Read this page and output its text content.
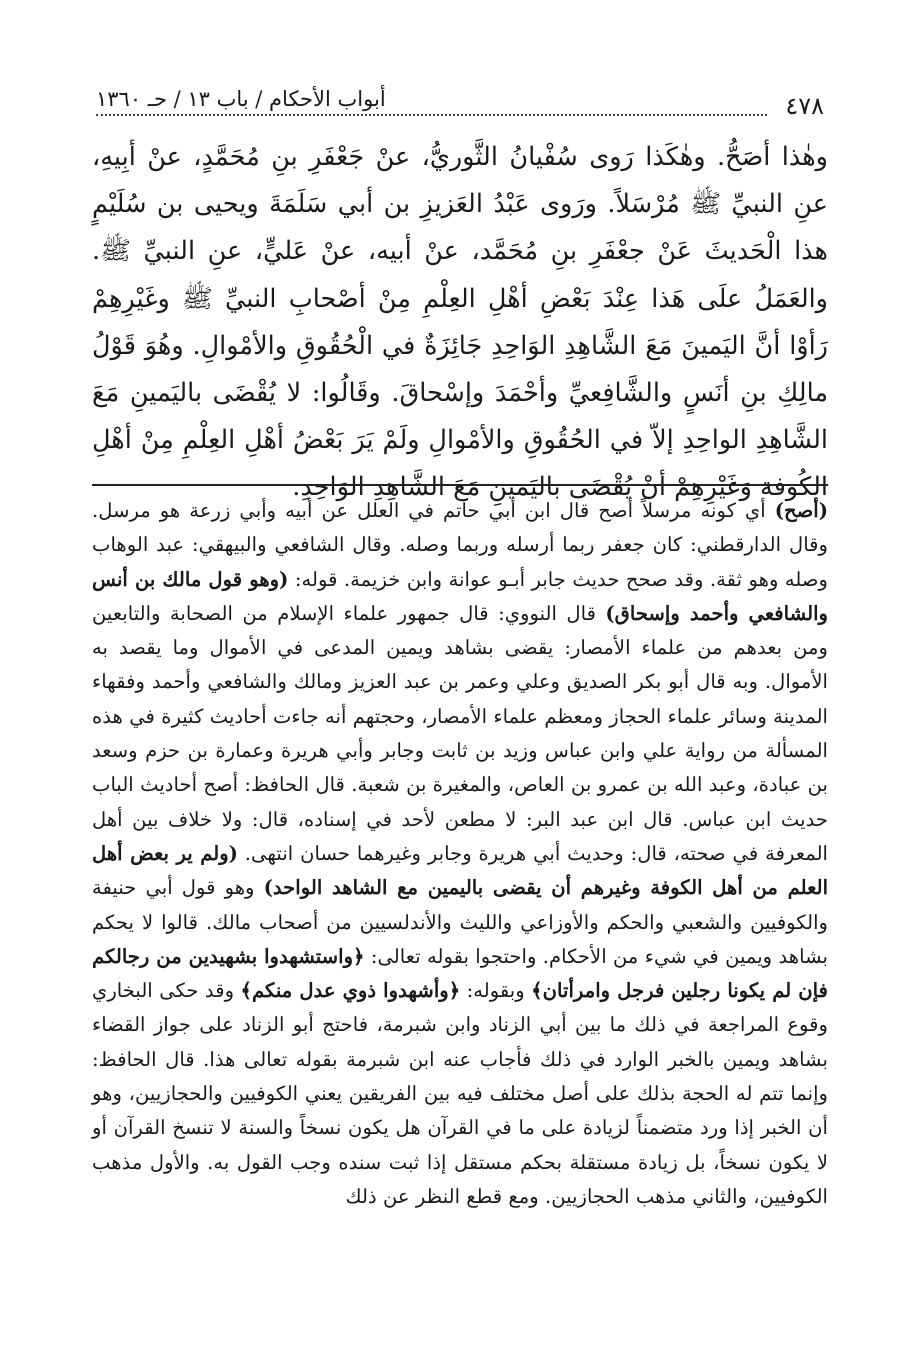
٤٧٨
أبواب الأحكام / باب ١٣ / حـ ١٣٦٠

وهٰذا أصَحُّ. وهٰكَذا رَوى سُفْيانُ الثَّوريُّ، عنْ جَعْفَرِ بنِ مُحَمَّدٍ، عنْ أبِيهِ، عنِ النبيِّ ﷺ مُرْسَلاً. ورَوى عَبْدُ العَزيزِ بن أبي سَلَمَةَ ويحيى بن سُلَيْمٍ هذا الْحَديثَ عَنْ جعْفَرِ بنِ مُحَمَّد، عنْ أبيه، عنْ عَليٍّ، عنِ النبيِّ ﷺ. والعَمَلُ علَى هَذا عِنْدَ بَعْضِ أهْلِ العِلْمِ مِنْ أصْحابِ النبيِّ ﷺ وغَيْرِهِمْ رَأوْا أنَّ اليَمينَ مَعَ الشَّاهِدِ الوَاحِدِ جَائِزَةٌ في الْحُقُوقِ والأمْوالِ. وهُوَ قَوْلُ مالِكِ بنِ أنَسٍ والشَّافِعيِّ وأحْمَدَ وإسْحاقَ. وقَالُوا: لا يُقْضَى باليَمينِ مَعَ الشَّاهِدِ الواحِدِ إلاّ في الحُقُوقِ والأمْوالِ ولَمْ يَرَ بَعْضُ أهْلِ العِلْمِ مِنْ أهْلِ الكُوفة وَغَيْرِهِمْ أنْ يُقْضَى باليَمينِ مَعَ الشَّاهِدِ الوَاحِدِ.

(أصح) أي كونه مرسلاً أصح قال ابن أبي حاتم في العلل عن أبيه وأبي زرعة هو مرسل. وقال الدارقطني: كان جعفر ربما أرسله وربما وصله. وقال الشافعي والبيهقي: عبد الوهاب وصله وهو ثقة. وقد صحح حديث جابر أبـو عوانة وابن خزيمة. قوله: (وهو قول مالك بن أنس والشافعي وأحمد وإسحاق) قال النووي: قال جمهور علماء الإسلام من الصحابة والتابعين ومن بعدهم من علماء الأمصار: يقضى بشاهد ويمين المدعى في الأموال وما يقصد به الأموال. وبه قال أبو بكر الصديق وعلي وعمر بن عبد العزيز ومالك والشافعي وأحمد وفقهاء المدينة وسائر علماء الحجاز ومعظم علماء الأمصار، وحجتهم أنه جاءت أحاديث كثيرة في هذه المسألة من رواية علي وابن عباس وزيد بن ثابت وجابر وأبي هريرة وعمارة بن حزم وسعد بن عبادة، وعبد الله بن عمرو بن العاص، والمغيرة بن شعبة. قال الحافظ: أصح أحاديث الباب حديث ابن عباس. قال ابن عبد البر: لا مطعن لأحد في إسناده، قال: ولا خلاف بين أهل المعرفة في صحته، قال: وحديث أبي هريرة وجابر وغيرهما حسان انتهى. (ولم ير بعض أهل العلم من أهل الكوفة وغيرهم أن يقضى باليمين مع الشاهد الواحد) وهو قول أبي حنيفة والكوفيين والشعبي والحكم والأوزاعي والليث والأندلسيين من أصحاب مالك. قالوا لا يحكم بشاهد ويمين في شيء من الأحكام. واحتجوا بقوله تعالى: ﴿واستشهدوا بشهيدين من رجالكم فإن لم يكونا رجلين فرجل وامرأتان﴾ وبقوله: ﴿وأشهدوا ذوي عدل منكم﴾ وقد حكى البخاري وقوع المراجعة في ذلك ما بين أبي الزناد وابن شبرمة، فاحتج أبو الزناد على جواز القضاء بشاهد ويمين بالخبر الوارد في ذلك فأجاب عنه ابن شبرمة بقوله تعالى هذا. قال الحافظ: وإنما تتم له الحجة بذلك على أصل مختلف فيه بين الفريقين يعني الكوفيين والحجازيين، وهو أن الخبر إذا ورد متضمناً لزيادة على ما في القرآن هل يكون نسخاً والسنة لا تنسخ القرآن أو لا يكون نسخاً، بل زيادة مستقلة بحكم مستقل إذا ثبت سنده وجب القول به. والأول مذهب الكوفيين، والثاني مذهب الحجازيين. ومع قطع النظر عن ذلك
